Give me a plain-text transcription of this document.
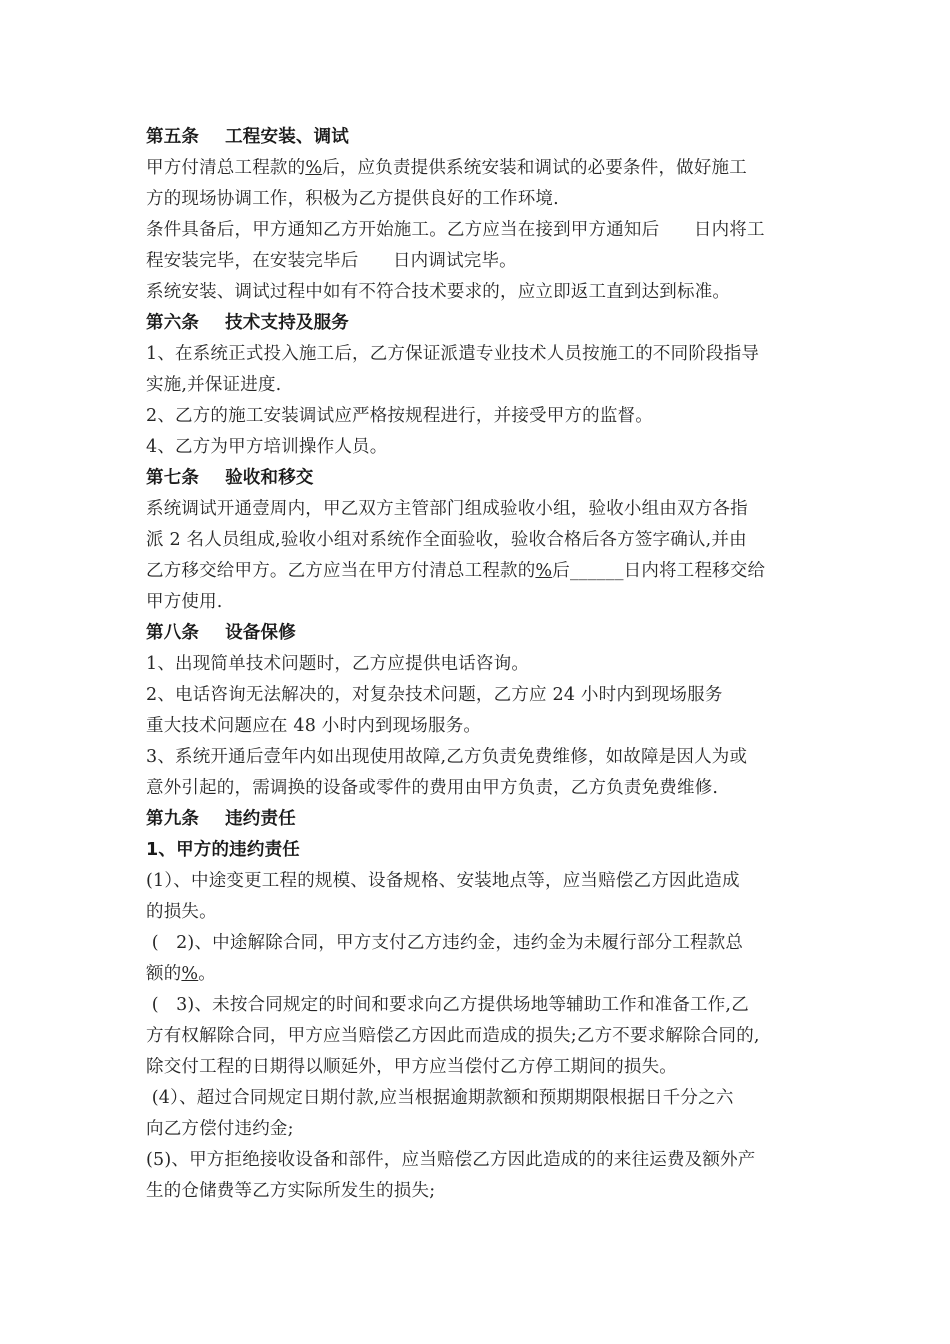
第五条 工程安装、调试
甲方付清总工程款的%后，应负责提供系统安装和调试的必要条件，做好施工
方的现场协调工作，积极为乙方提供良好的工作环境.
条件具备后，甲方通知乙方开始施工。乙方应当在接到甲方通知后      日内将工
程安装完毕，在安装完毕后      日内调试完毕。
系统安装、调试过程中如有不符合技术要求的，应立即返工直到达到标准。
第六条 技术支持及服务
1、在系统正式投入施工后，乙方保证派遣专业技术人员按施工的不同阶段指导
实施,并保证进度.
2、乙方的施工安装调试应严格按规程进行，并接受甲方的监督。
4、乙方为甲方培训操作人员。
第七条 验收和移交
系统调试开通壹周内，甲乙双方主管部门组成验收小组，验收小组由双方各指
派 2 名人员组成,验收小组对系统作全面验收，验收合格后各方签字确认,并由
乙方移交给甲方。乙方应当在甲方付清总工程款的%后______日内将工程移交给
甲方使用.
第八条 设备保修
1、出现简单技术问题时，乙方应提供电话咨询。
2、电话咨询无法解决的，对复杂技术问题，乙方应 24 小时内到现场服务
重大技术问题应在 48 小时内到现场服务。
3、系统开通后壹年内如出现使用故障,乙方负责免费维修，如故障是因人为或
意外引起的，需调换的设备或零件的费用由甲方负责，乙方负责免费维修.
第九条 违约责任
1、甲方的违约责任
(1）、中途变更工程的规模、设备规格、安装地点等，应当赔偿乙方因此造成
的损失。
(   2)、中途解除合同，甲方支付乙方违约金，违约金为未履行部分工程款总
额的%。
(   3)、未按合同规定的时间和要求向乙方提供场地等辅助工作和准备工作,乙
方有权解除合同，甲方应当赔偿乙方因此而造成的损失;乙方不要求解除合同的,
除交付工程的日期得以顺延外，甲方应当偿付乙方停工期间的损失。
(4）、超过合同规定日期付款,应当根据逾期款额和预期期限根据日千分之六
向乙方偿付违约金;
(5)、甲方拒绝接收设备和部件，应当赔偿乙方因此造成的的来往运费及额外产
生的仓储费等乙方实际所发生的损失;
